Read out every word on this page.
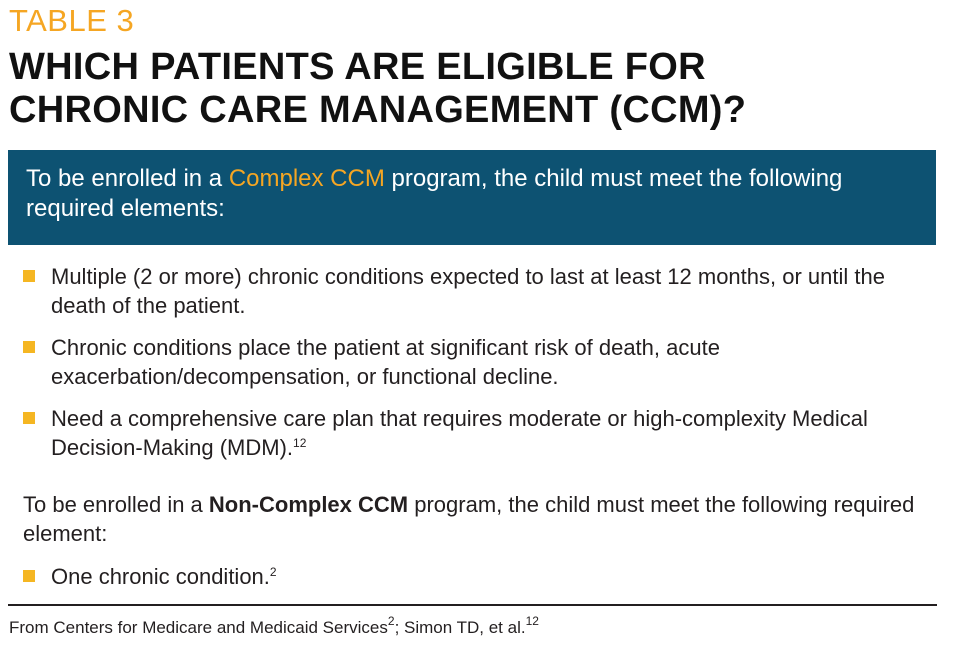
TABLE 3
WHICH PATIENTS ARE ELIGIBLE FOR
CHRONIC CARE MANAGEMENT (CCM)?
To be enrolled in a Complex CCM program, the child must meet the following required elements:
Multiple (2 or more) chronic conditions expected to last at least 12 months, or until the death of the patient.
Chronic conditions place the patient at significant risk of death, acute exacerbation/decompensation, or functional decline.
Need a comprehensive care plan that requires moderate or high-complexity Medical Decision-Making (MDM).$^{12}$
To be enrolled in a Non-Complex CCM program, the child must meet the following required element:
One chronic condition.$^2$
From Centers for Medicare and Medicaid Services$^2$; Simon TD, et al.$^{12}$
